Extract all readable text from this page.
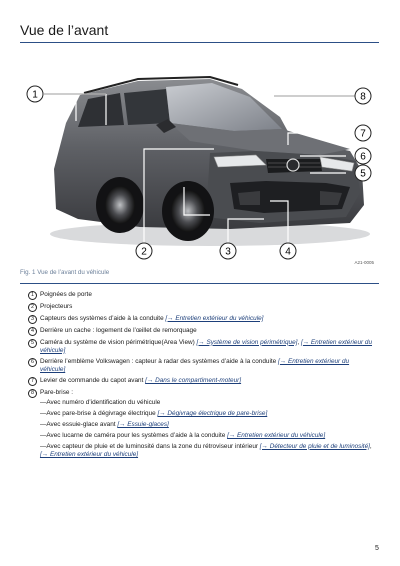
Vue de l’avant
1
2	3	4
5
6
7
8
A21-0005
Fig. 1 Vue de l’avant du véhicule
1 Poignées de porte
2 Projecteurs
3 Capteurs des systèmes d’aide à la conduite [→ Entretien extérieur du véhicule]
4 Derrière un cache : logement de l’œillet de remorquage
5 Caméra du système de vision périmétrique(Area View) [→ Système de vision périmétrique], [→ Entretien extérieur du véhicule]
6 Derrière l’emblème Volkswagen : capteur à radar des systèmes d’aide à la conduite [→ Entretien extérieur du véhicule]
7 Levier de commande du capot avant [→ Dans le compartiment-moteur]
8 Pare-brise :
—Avec numéro d’identification du véhicule
—Avec pare-brise à dégivrage électrique [→ Dégivrage électrique de pare-brise]
—Avec essuie-glace avant [→ Essuie-glaces]
—Avec lucarne de caméra pour les systèmes d’aide à la conduite [→ Entretien extérieur du véhicule]
—Avec capteur de pluie et de luminosité dans la zone du rétroviseur intérieur [→ Détecteur de pluie et de luminosité], [→ Entretien extérieur du véhicule]
5
